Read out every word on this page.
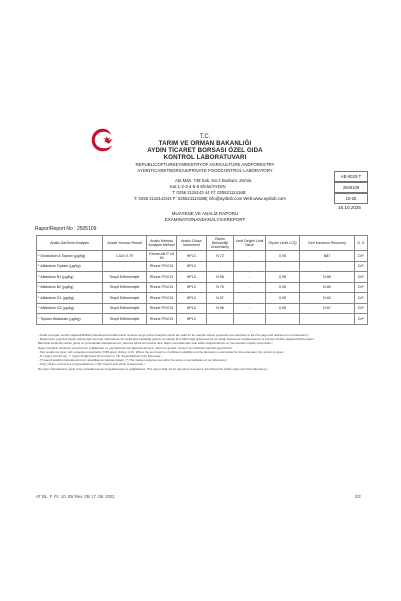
T.C.
TARIM VE ORMAN BAKANLIĞI
AYDIN TİCARET BORSASI ÖZEL GIDA
KONTROL LABORATUVARI
REPUBLICOFTURKEYMINISTRYOF AGRICULTURE ANDFORESTRY
AYDINTICARETBORSASIPRIVATE FOODCONTROL LABORATORY
Ata Mah. 738 Sok. No:2 Bodrum, Zemin,
Kat:1-2-3-4-5-6 Efeler/AYDIN
T: 0256 2116143 44 Ff: 02562111416B
T: 0256 2116143/44 F: 02562111418B| info@aydtob.com Web:www.aydtob.com
AB-0033-T
2505109
10-25
16.10.2025
MUAYENE VE ANALİZ RAPORU
EXAMINATIONANDANALYSISREPORT
Rapor/Report No : 2505109
Analiz Adı/İlmin Analysis	Analiz Sonucu Result	Analiz Metodu Analysis Method	Analiz Cihazı Instrument	Ölçüm Belirsizliği Uncertainty	Limit Değeri Limit Value	Ölçüm Limiti LOQ	Geri Kazanım Recovery	D. K
* Okratoksin A Toplam (µg/kg)	1.62± 0.79	Rhone AB-P 16 48	HPLC	N 72	-	0,95	N87	D/Y
* Aflatoksin Toplam (µg/kg)	-	Rhone POV13	HPLC	-	-	-	-	D/Y
* Aflatoksin B1 (µg/kg)	Tespit Edilmemiştir	Rhone POV13	HPLC	N 98	-	0,95	N 86	D/Y
* Aflatoksin B2 (µg/kg)	Tespit Edilmemiştir	Rhone POV13	HPLC	N 75	-	0,95	N 80	D/Y
* Aflatoksin G1 (µg/kg)	Tespit Edilmemiştir	Rhone POV13	HPLC	N 57	-	0,95	N 82	D/Y
* Aflatoksin G2 (µg/kg)	Tespit Edilmemiştir	Rhone POV13	HPLC	N 98	-	0,95	N 87	D/Y
* Toplam Aflatoksin (µg/kg)	Tespit Edilmemiştir	Rhone POV13	HPLC					D/Y

- Analiz sonuçları tecrübî sağlanabilirlikleri laboratuvarımızdaki teknik numune sorgu grubu/ Analysis results are valid for the sample whose properties are specified on the first page and delivered to our laboratory./

- Belgemizde uygunluk beyan edilmiş ilgili mevzuat, laboratuvarımız tarafından belirtildiği gıdanın ait olduğu ilk 5 NRLS ilgili gıdamevzuatı yer aldığı hususunun açıklanmasıdır ve tolerans limitleri değerlendirilmemiştir./

Belirsizlik kuralında verilen görüş ve yorumlardan laboratuvarımız yalnızca teknik sorumluluk taşır. Rapor sonuçlarından elde edilen değerlendirme ve yorumlardan müşteri sorumludur./

Rapor içeriğinin tamamen veya kısmen çoğaltılması ve yayınlanması için laboratuvarımızın yazılı izni gerekir. Imzasız ve mühürsüz raporlar geçersizdir./

- Test results are given with expanded uncertainty (%95 güven düzeyi, k=2). Where the test result is of sufficient reliability and the laboratory is accredited for the parameter, the opinion is given./

- D: Uygun (Conforms), Y: Uygun Değil (Does Not Conform), TE: Tespit Edilmedi (Not Detected)./

- (*) İşaretli analizler laboratuvarımızın akreditasyon kapsamındadır. (*) The marked analyses are within the scope of accreditation of our laboratory./

- LOQ: Ölçüm Limiti (Limit of Quantification), LOD: Tespit Limiti (Limit of Detection)./

Bu rapor, laboratuvarın yazılı onayı olmadan kısmen kopyalanamaz ve çoğaltılamaz. This report shall not be reproduced except in full without the written approval of the laboratory./

AT BL. F. P.r. 10. 05/ Rev. 05/ 17. 08. 2022	2/2
